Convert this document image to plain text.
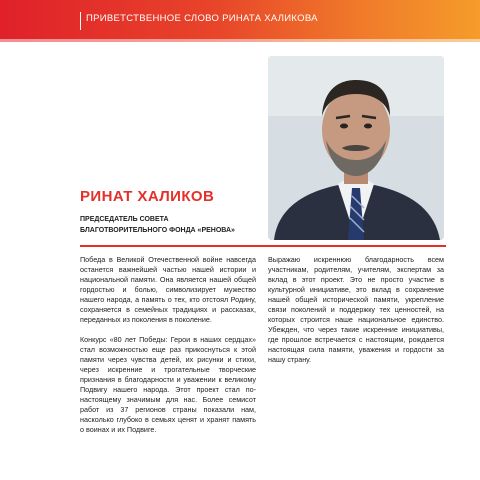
ПРИВЕТСТВЕННОЕ СЛОВО РИНАТА ХАЛИКОВА
РИНАТ ХАЛИКОВ
ПРЕДСЕДАТЕЛЬ СОВЕТА
БЛАГОТВОРИТЕЛЬНОГО ФОНДА «РЕНОВА»

Победа в Великой Отечественной войне навсегда останется важнейшей частью нашей истории и национальной памяти. Она является нашей общей гордостью и болью, символизирует мужество нашего народа, а память о тех, кто отстоял Родину, сохраняется в семейных традициях и рассказах, переданных из поколения в поколение.

Конкурс «80 лет Победы: Герои в наших сердцах» стал возможностью еще раз прикоснуться к этой памяти через чувства детей, их рисунки и стихи, через искренние и трогательные творческие признания в благодарности и уважении к великому Подвигу нашего народа. Этот проект стал по-настоящему значимым для нас. Более семисот работ из 37 регионов страны показали нам, насколько глубоко в семьях ценят и хранят память о воинах и их Подвиге.

Выражаю искреннюю благодарность всем участникам, родителям, учителям, экспертам за вклад в этот проект. Это не просто участие в культурной инициативе, это вклад в сохранение нашей общей исторической памяти, укрепление связи поколений и поддержку тех ценностей, на которых строится наше национальное единство. Убежден, что через такие искренние инициативы, где прошлое встречается с настоящим, рождается настоящая сила памяти, уважения и гордости за нашу страну.
